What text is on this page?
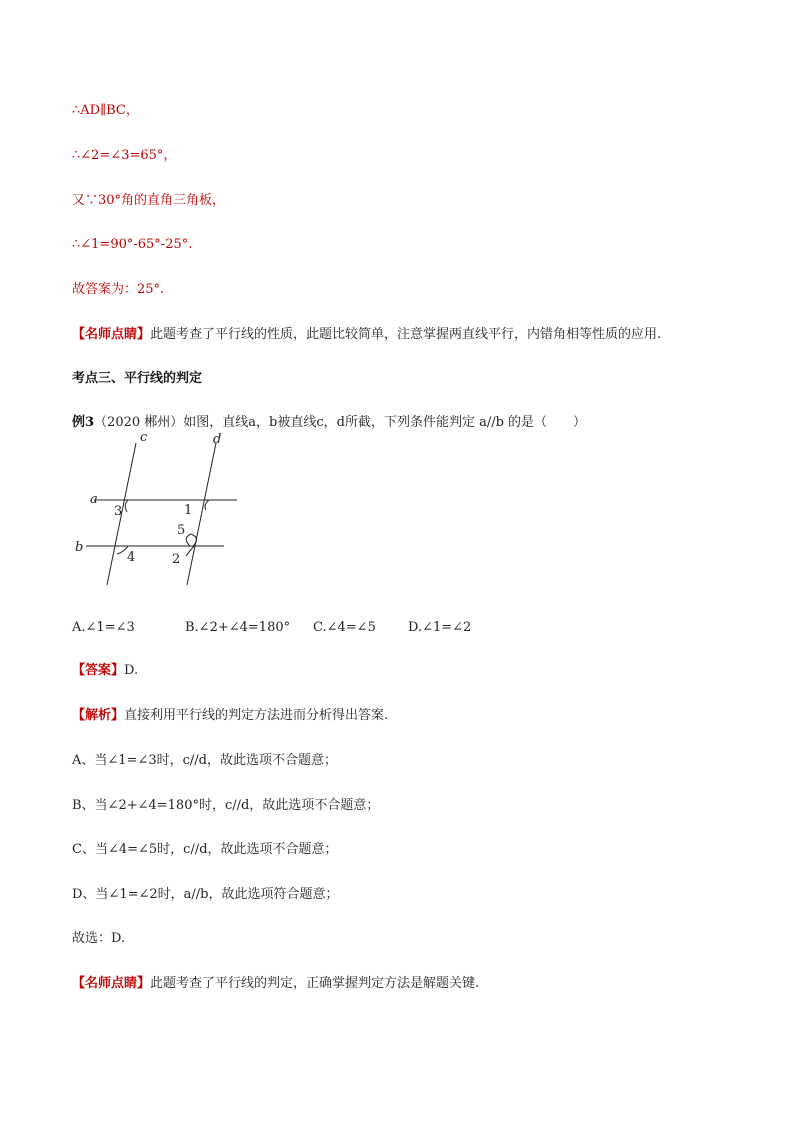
∴AD∥BC，
∴∠2=∠3=65°，
又∵30°角的直角三角板，
∴∠1=90°-65°-25°.
故答案为：25°.
【名师点睛】此题考查了平行线的性质，此题比较简单，注意掌握两直线平行，内错角相等性质的应用.
考点三、平行线的判定
例3（2020 郴州）如图，直线a，b被直线c，d所截，下列条件能判定 a//b 的是（　　）
c	d
a
b
3	1
5
2
4
A.∠1=∠3	B.∠2+∠4=180° C.∠4=∠5 D.∠1=∠2
【答案】D.
【解析】直接利用平行线的判定方法进而分析得出答案.
A、当∠1=∠3时，c//d，故此选项不合题意；
B、当∠2+∠4=180°时，c//d，故此选项不合题意；
C、当∠4=∠5时，c//d，故此选项不合题意；
D、当∠1=∠2时，a//b，故此选项符合题意；
故选：D.
【名师点睛】此题考查了平行线的判定，正确掌握判定方法是解题关键.
